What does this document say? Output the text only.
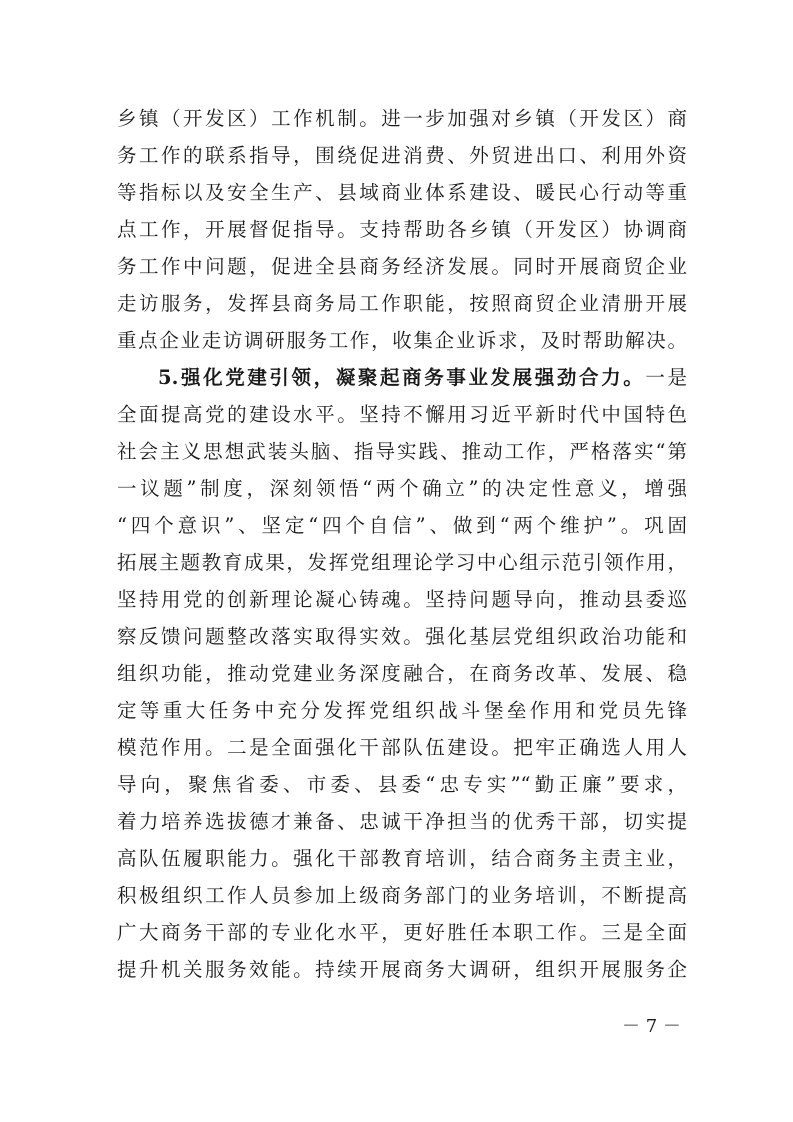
乡镇（开发区）工作机制。进一步加强对乡镇（开发区）商
务工作的联系指导，围绕促进消费、外贸进出口、利用外资
等指标以及安全生产、县域商业体系建设、暖民心行动等重
点工作，开展督促指导。支持帮助各乡镇（开发区）协调商
务工作中问题，促进全县商务经济发展。同时开展商贸企业
走访服务，发挥县商务局工作职能，按照商贸企业清册开展
重点企业走访调研服务工作，收集企业诉求，及时帮助解决。
5.强化党建引领，凝聚起商务事业发展强劲合力。一是
全面提高党的建设水平。坚持不懈用习近平新时代中国特色
社会主义思想武装头脑、指导实践、推动工作，严格落实“第
一议题”制度，深刻领悟“两个确立”的决定性意义，增强
“四个意识”、坚定“四个自信”、做到“两个维护”。巩固
拓展主题教育成果，发挥党组理论学习中心组示范引领作用，
坚持用党的创新理论凝心铸魂。坚持问题导向，推动县委巡
察反馈问题整改落实取得实效。强化基层党组织政治功能和
组织功能，推动党建业务深度融合，在商务改革、发展、稳
定等重大任务中充分发挥党组织战斗堡垒作用和党员先锋
模范作用。二是全面强化干部队伍建设。把牢正确选人用人
导向，聚焦省委、市委、县委“忠专实”“勤正廉”要求，
着力培养选拔德才兼备、忠诚干净担当的优秀干部，切实提
高队伍履职能力。强化干部教育培训，结合商务主责主业，
积极组织工作人员参加上级商务部门的业务培训，不断提高
广大商务干部的专业化水平，更好胜任本职工作。三是全面
提升机关服务效能。持续开展商务大调研，组织开展服务企
－ 7 －
